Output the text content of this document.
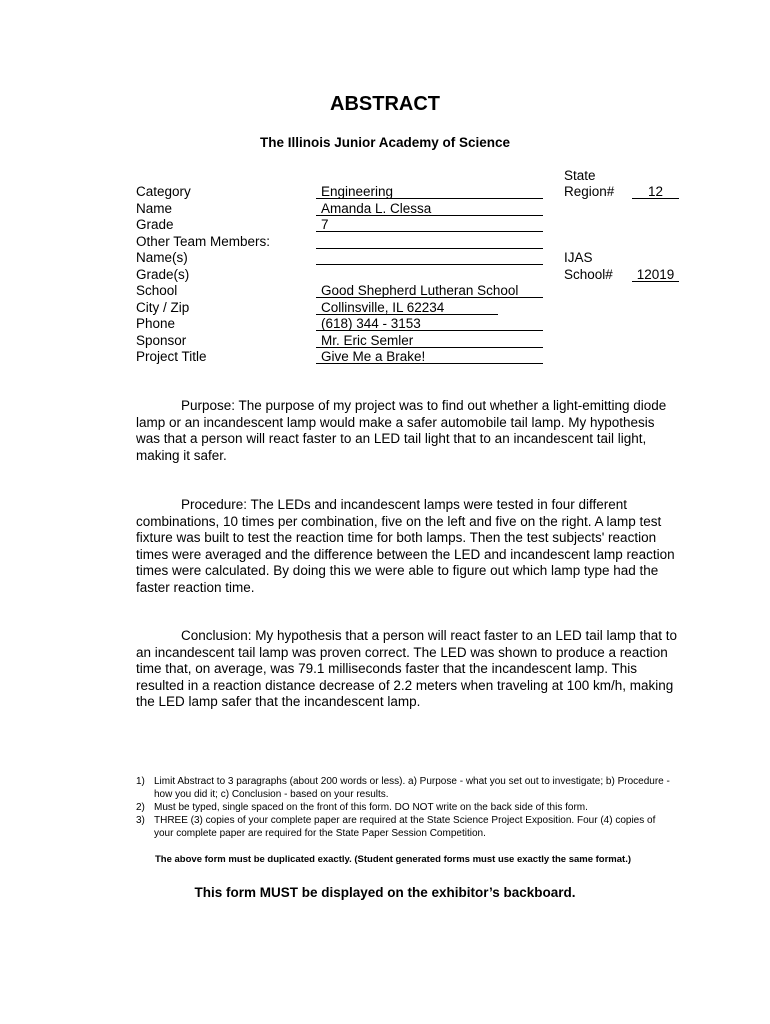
ABSTRACT
The Illinois Junior Academy of Science
Category
Name
Grade
Other Team Members:
Name(s)
Grade(s)
School
City / Zip
Phone
Sponsor
Project Title
Engineering
Amanda L. Clessa
7
Good Shepherd Lutheran School
Collinsville, IL 62234
(618) 344 - 3153
Mr. Eric Semler
Give Me a Brake!
State
Region#	12
IJAS
School#	12019

Purpose: The purpose of my project was to find out whether a light-emitting diode lamp or an incandescent lamp would make a safer automobile tail lamp. My hypothesis was that a person will react faster to an LED tail light that to an incandescent tail light, making it safer.

Procedure: The LEDs and incandescent lamps were tested in four different combinations, 10 times per combination, five on the left and five on the right. A lamp test fixture was built to test the reaction time for both lamps. Then the test subjects' reaction times were averaged and the difference between the LED and incandescent lamp reaction times were calculated. By doing this we were able to figure out which lamp type had the faster reaction time.

Conclusion: My hypothesis that a person will react faster to an LED tail lamp that to an incandescent tail lamp was proven correct. The LED was shown to produce a reaction time that, on average, was 79.1 milliseconds faster that the incandescent lamp. This resulted in a reaction distance decrease of 2.2 meters when traveling at 100 km/h, making the LED lamp safer that the incandescent lamp.

1) Limit Abstract to 3 paragraphs (about 200 words or less). a) Purpose - what you set out to investigate; b) Procedure - how you did it; c) Conclusion - based on your results.
2) Must be typed, single spaced on the front of this form. DO NOT write on the back side of this form.
3) THREE (3) copies of your complete paper are required at the State Science Project Exposition. Four (4) copies of your complete paper are required for the State Paper Session Competition.
The above form must be duplicated exactly. (Student generated forms must use exactly the same format.)
This form MUST be displayed on the exhibitor’s backboard.
